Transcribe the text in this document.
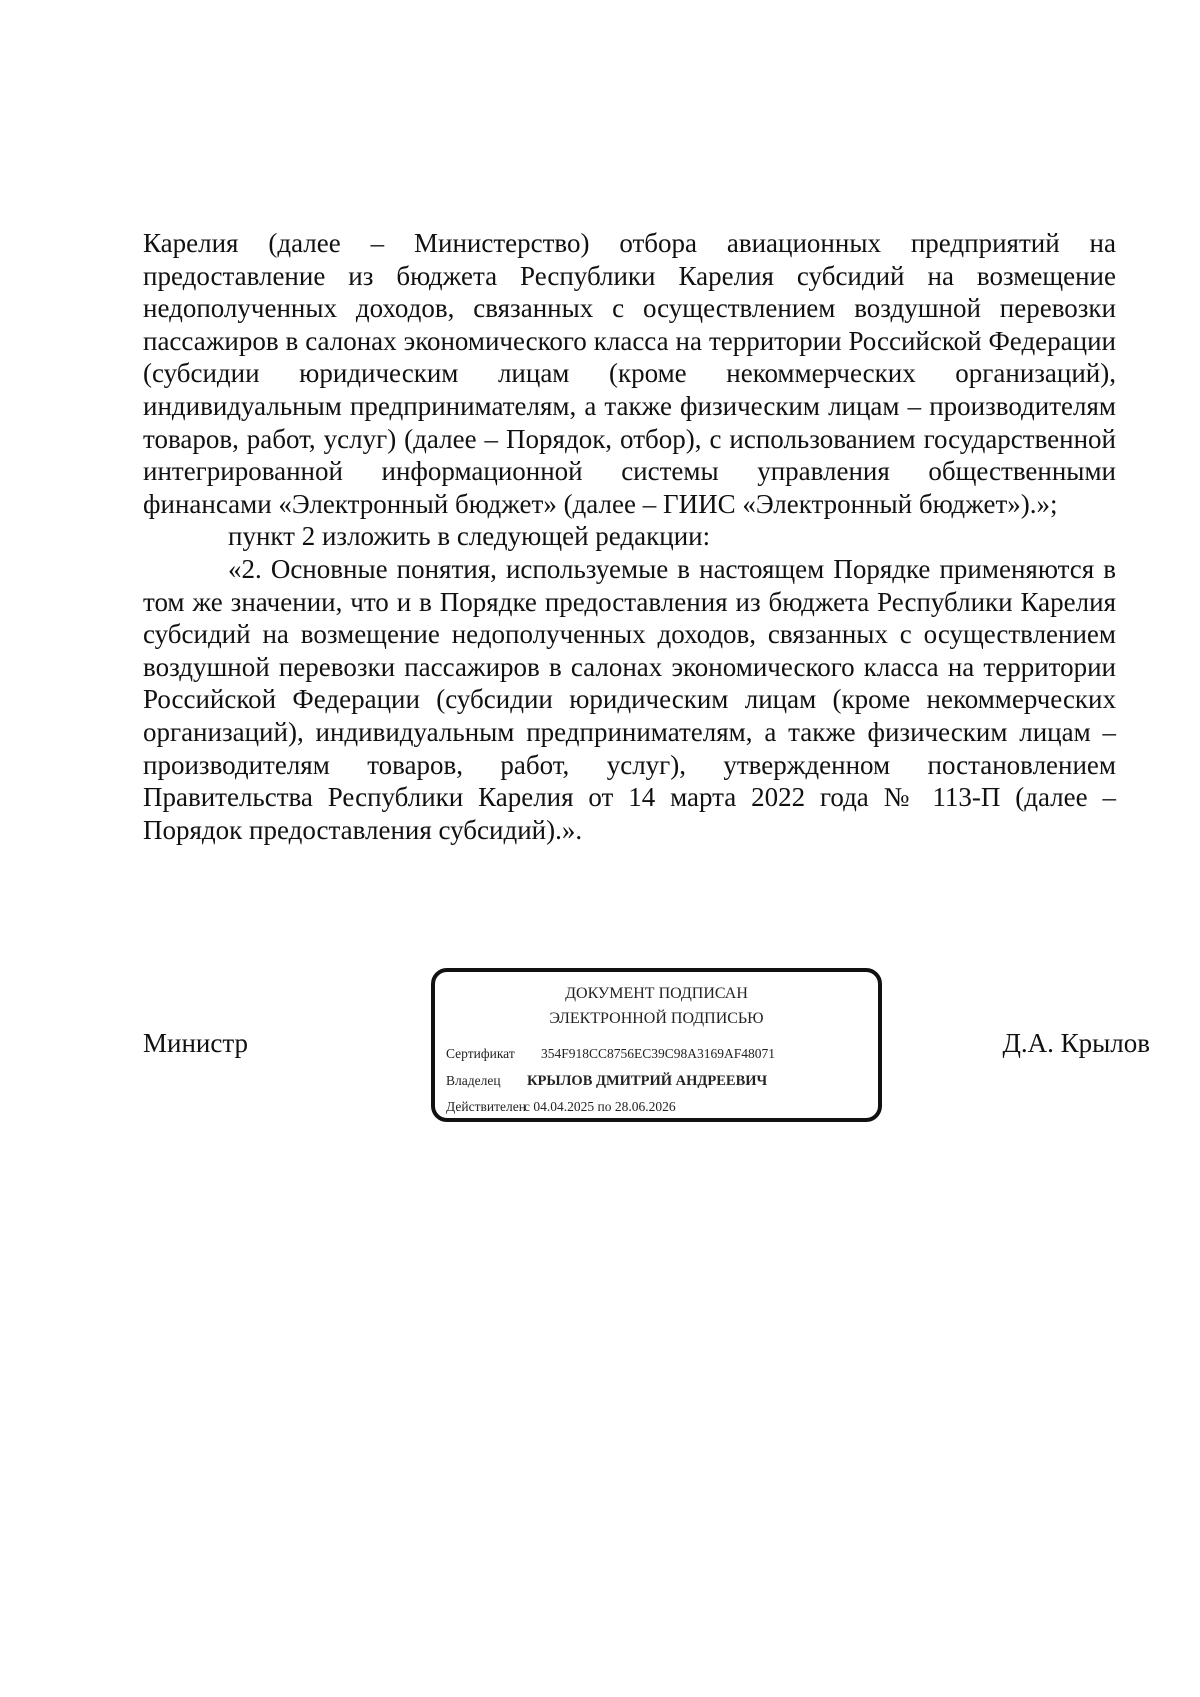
Карелия (далее – Министерство) отбора авиационных предприятий на предоставление из бюджета Республики Карелия субсидий на возмещение недополученных доходов, связанных с осуществлением воздушной перевозки пассажиров в салонах экономического класса на территории Российской Федерации (субсидии юридическим лицам (кроме некоммерческих организаций), индивидуальным предпринимателям, а также физическим лицам – производителям товаров, работ, услуг) (далее – Порядок, отбор), с использованием государственной интегрированной информационной системы управления общественными финансами «Электронный бюджет» (далее – ГИИС «Электронный бюджет»).»;

пункт 2 изложить в следующей редакции:

«2. Основные понятия, используемые в настоящем Порядке применяются в том же значении, что и в Порядке предоставления из бюджета Республики Карелия субсидий на возмещение недополученных доходов, связанных с осуществлением воздушной перевозки пассажиров в салонах экономического класса на территории Российской Федерации (субсидии юридическим лицам (кроме некоммерческих организаций), индивидуальным предпринимателям, а также физическим лицам – производителям товаров, работ, услуг), утвержденном постановлением Правительства Республики Карелия от 14 марта 2022 года № 113-П (далее – Порядок предоставления субсидий).».

Министр
ДОКУМЕНТ ПОДПИСАН
ЭЛЕКТРОННОЙ ПОДПИСЬЮ
Сертификат 354F918CC8756EC39C98A3169AF48071
Владелец КРЫЛОВ ДМИТРИЙ АНДРЕЕВИЧ
Действителенс 04.04.2025 по 28.06.2026
Д.А. Крылов
